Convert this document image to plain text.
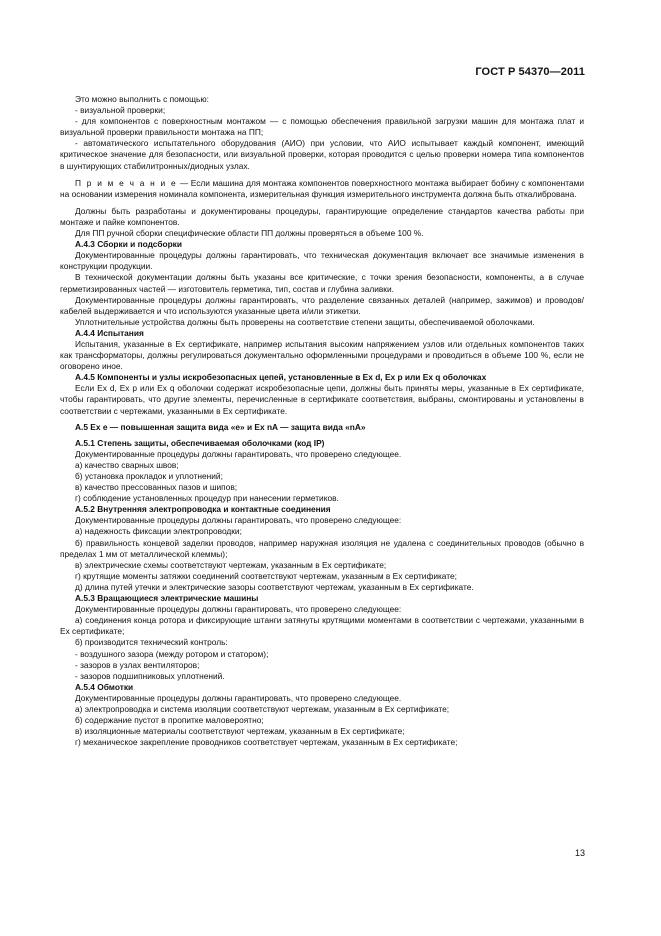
ГОСТ Р 54370—2011

Это можно выполнить с помощью:

- визуальной проверки;

- для компонентов с поверхностным монтажом — с помощью обеспечения правильной загрузки машин для монтажа плат и визуальной проверки правильности монтажа на ПП;

- автоматического испытательного оборудования (АИО) при условии, что АИО испытывает каждый компонент, имеющий критическое значение для безопасности, или визуальной проверки, которая проводится с целью проверки номера типа компонентов в шунтирующих стабилитронных/диодных узлах.

П р и м е ч а н и е — Если машина для монтажа компонентов поверхностного монтажа выбирает бобину с компонентами на основании измерения номинала компонента, измерительная функция измерительного инструмента должна быть откалибрована.

Должны быть разработаны и документированы процедуры, гарантирующие определение стандартов качества работы при монтаже и пайке компонентов.

Для ПП ручной сборки специфические области ПП должны проверяться в объеме 100 %.

А.4.3 Сборки и подсборки

Документированные процедуры должны гарантировать, что техническая документация включает все значимые изменения в конструкции продукции.

В технической документации должны быть указаны все критические, с точки зрения безопасности, компоненты, а в случае герметизированных частей — изготовитель герметика, тип, состав и глубина заливки.

Документированные процедуры должны гарантировать, что разделение связанных деталей (например, зажимов) и проводов/кабелей выдерживается и что используются указанные цвета и/или этикетки.

Уплотнительные устройства должны быть проверены на соответствие степени защиты, обеспечиваемой оболочками.

А.4.4 Испытания

Испытания, указанные в Ex сертификате, например испытания высоким напряжением узлов или отдельных компонентов таких как трансформаторы, должны регулироваться документально оформленными процедурами и проводиться в объеме 100 %, если не оговорено иное.

А.4.5 Компоненты и узлы искробезопасных цепей, установленные в Ex d, Ex p или Ex q оболочках

Если Ex d, Ex p или Ex q оболочки содержат искробезопасные цепи, должны быть приняты меры, указанные в Ex сертификате, чтобы гарантировать, что другие элементы, перечисленные в сертификате соответствия, выбраны, смонтированы и установлены в соответствии с чертежами, указанными в Ex сертификате.

А.5 Ex e — повышенная защита вида «е» и Ex nA — защита вида «nA»

А.5.1 Степень защиты, обеспечиваемая оболочками (код IP)

Документированные процедуры должны гарантировать, что проверено следующее.

а) качество сварных швов;

б) установка прокладок и уплотнений;

в) качество прессованных пазов и шипов;

г) соблюдение установленных процедур при нанесении герметиков.

А.5.2 Внутренняя электропроводка и контактные соединения

Документированные процедуры должны гарантировать, что проверено следующее:

а) надежность фиксации электропроводки;

б) правильность концевой заделки проводов, например наружная изоляция не удалена с соединительных проводов (обычно в пределах 1 мм от металлической клеммы);

в) электрические схемы соответствуют чертежам, указанным в Ex сертификате;

г) крутящие моменты затяжки соединений соответствуют чертежам, указанным в Ex сертификате;

д) длина путей утечки и электрические зазоры соответствуют чертежам, указанным в Ex сертификате.

А.5.3 Вращающиеся электрические машины

Документированные процедуры должны гарантировать, что проверено следующее:

а) соединения конца ротора и фиксирующие штанги затянуты крутящими моментами в соответствии с чертежами, указанными в Ex сертификате;

б) производится технический контроль:

- воздушного зазора (между ротором и статором);

- зазоров в узлах вентиляторов;

- зазоров подшипниковых уплотнений.

А.5.4 Обмотки

Документированные процедуры должны гарантировать, что проверено следующее.

а) электропроводка и система изоляции соответствуют чертежам, указанным в Ex сертификате;

б) содержание пустот в пропитке маловероятно;

в) изоляционные материалы соответствуют чертежам, указанным в Ex сертификате;

г) механическое закрепление проводников соответствует чертежам, указанным в Ex сертификате;

13
